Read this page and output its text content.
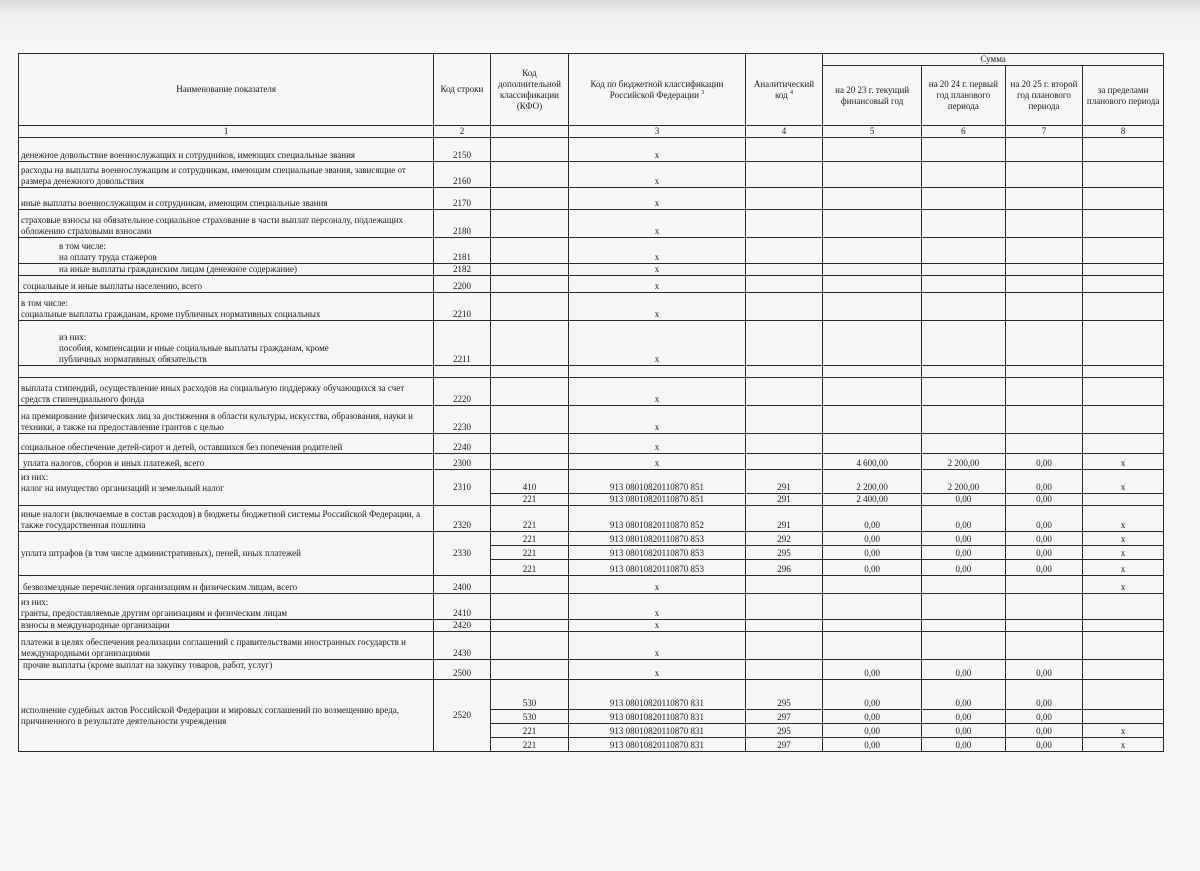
Наименование показателя	Код строки	Код дополнительной классификации (КФО)	Код по бюджетной классификации Российской Федерации $^3$	Аналитический код $^4$	Сумма			
					на 20 23 г. текущий финансовый год	на 20 24 г. первый год планового периода	на 20 25 г. второй год планового периода	за пределами планового периода
1	2		3	4	5	6	7	8
денежное довольствие военнослужащих и сотрудников, имеющих специальные звания	2150		х					
расходы на выплаты военнослужащим и сотрудникам, имеющим специальные звания, зависящие от размера денежного довольствия	2160		х					
иные выплаты военнослужащим и сотрудникам, имеющим специальные звания	2170		х					
страховые взносы на обязательное социальное страхование в части выплат персоналу, подлежащих обложению страховыми взносами	2180		х					

в том числе:
на оплату труда стажеров	2181		х					
на иные выплаты гражданским лицам (денежное содержание)	2182		х					
социальные и иные выплаты населению, всего	2200		х					

в том числе:
социальные выплаты гражданам, кроме публичных нормативных социальных	2210		х					

из них:
пособия, компенсации и иные социальные выплаты гражданам, кроме
публичных нормативных обязательств	2211		х					

выплата стипендий, осуществление иных расходов на социальную поддержку обучающихся за счет средств стипендиального фонда	2220		х					
на премирование физических лиц за достижения в области культуры, искусства, образования, науки и техники, а также на предоставление грантов с целью	2230		х					
социальное обеспечение детей-сирот и детей, оставшихся без попечения родителей	2240		х					
уплата налогов, сборов и иных платежей, всего	2300		х		4 600,00	2 200,00	0,00	х

из них:
налог на имущество организаций и земельный налог	2310	410	913 08010820110870 851	291	2 200,00	2 200,00	0,00	х
		221	913 08010820110870 851	291	2 400,00	0,00	0,00	
иные налоги (включаемые в состав расходов) в бюджеты бюджетной системы Российской Федерации, а также государственная пошлина	2320	221	913 08010820110870 852	291	0,00	0,00	0,00	х
уплата штрафов (в том числе административных), пеней, иных платежей	2330	221	913 08010820110870 853	292	0,00	0,00	0,00	х
		221	913 08010820110870 853	295	0,00	0,00	0,00	х
		221	913 08010820110870 853	296	0,00	0,00	0,00	х
безвозмездные перечисления организациям и физическим лицам, всего	2400		х					х

из них:
гранты, предоставляемые другим организациям и физическим лицам	2410		х					
взносы в международные организации	2420		х					
платежи в целях обеспечения реализации соглашений с правительствами иностранных государств и международными организациями	2430		х					
прочие выплаты (кроме выплат на закупку товаров, работ, услуг)	2500		х		0,00	0,00	0,00	
исполнение судебных актов Российской Федерации и мировых соглашений по возмещению вреда, причиненного в результате деятельности учреждения	2520	530	913 08010820110870 831	295	0,00	0,00	0,00	
		530	913 08010820110870 831	297	0,00	0,00	0,00	
		221	913 08010820110870 831	295	0,00	0,00	0,00	х
		221	913 08010820110870 831	297	0,00	0,00	0,00	х
